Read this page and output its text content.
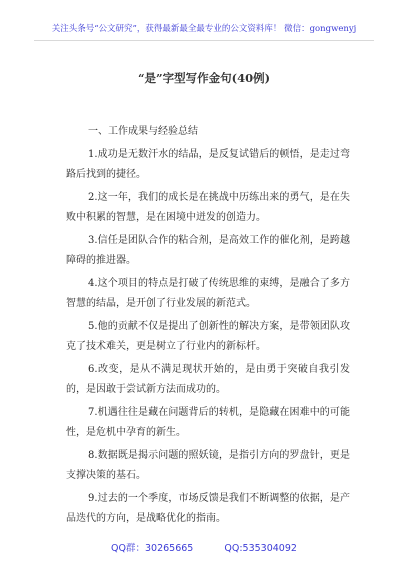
关注头条号“公文研究”，获得最新最全最专业的公文资料库！ 微信：gongwenyj
“是”字型写作金句(40例)
一、工作成果与经验总结
1.成功是无数汗水的结晶，是反复试错后的顿悟，是走过弯路后找到的捷径。
2.这一年，我们的成长是在挑战中历练出来的勇气，是在失败中积累的智慧，是在困境中迸发的创造力。
3.信任是团队合作的粘合剂，是高效工作的催化剂，是跨越障碍的推进器。
4.这个项目的特点是打破了传统思维的束缚，是融合了多方智慧的结晶，是开创了行业发展的新范式。
5.他的贡献不仅是提出了创新性的解决方案，是带领团队攻克了技术难关，更是树立了行业内的新标杆。
6.改变，是从不满足现状开始的，是由勇于突破自我引发的，是因敢于尝试新方法而成功的。
7.机遇往往是藏在问题背后的转机，是隐藏在困难中的可能性，是危机中孕育的新生。
8.数据既是揭示问题的照妖镜，是指引方向的罗盘针，更是支撑决策的基石。
9.过去的一个季度，市场反馈是我们不断调整的依据，是产品迭代的方向，是战略优化的指南。
QQ群：30265665	QQ:535304092
